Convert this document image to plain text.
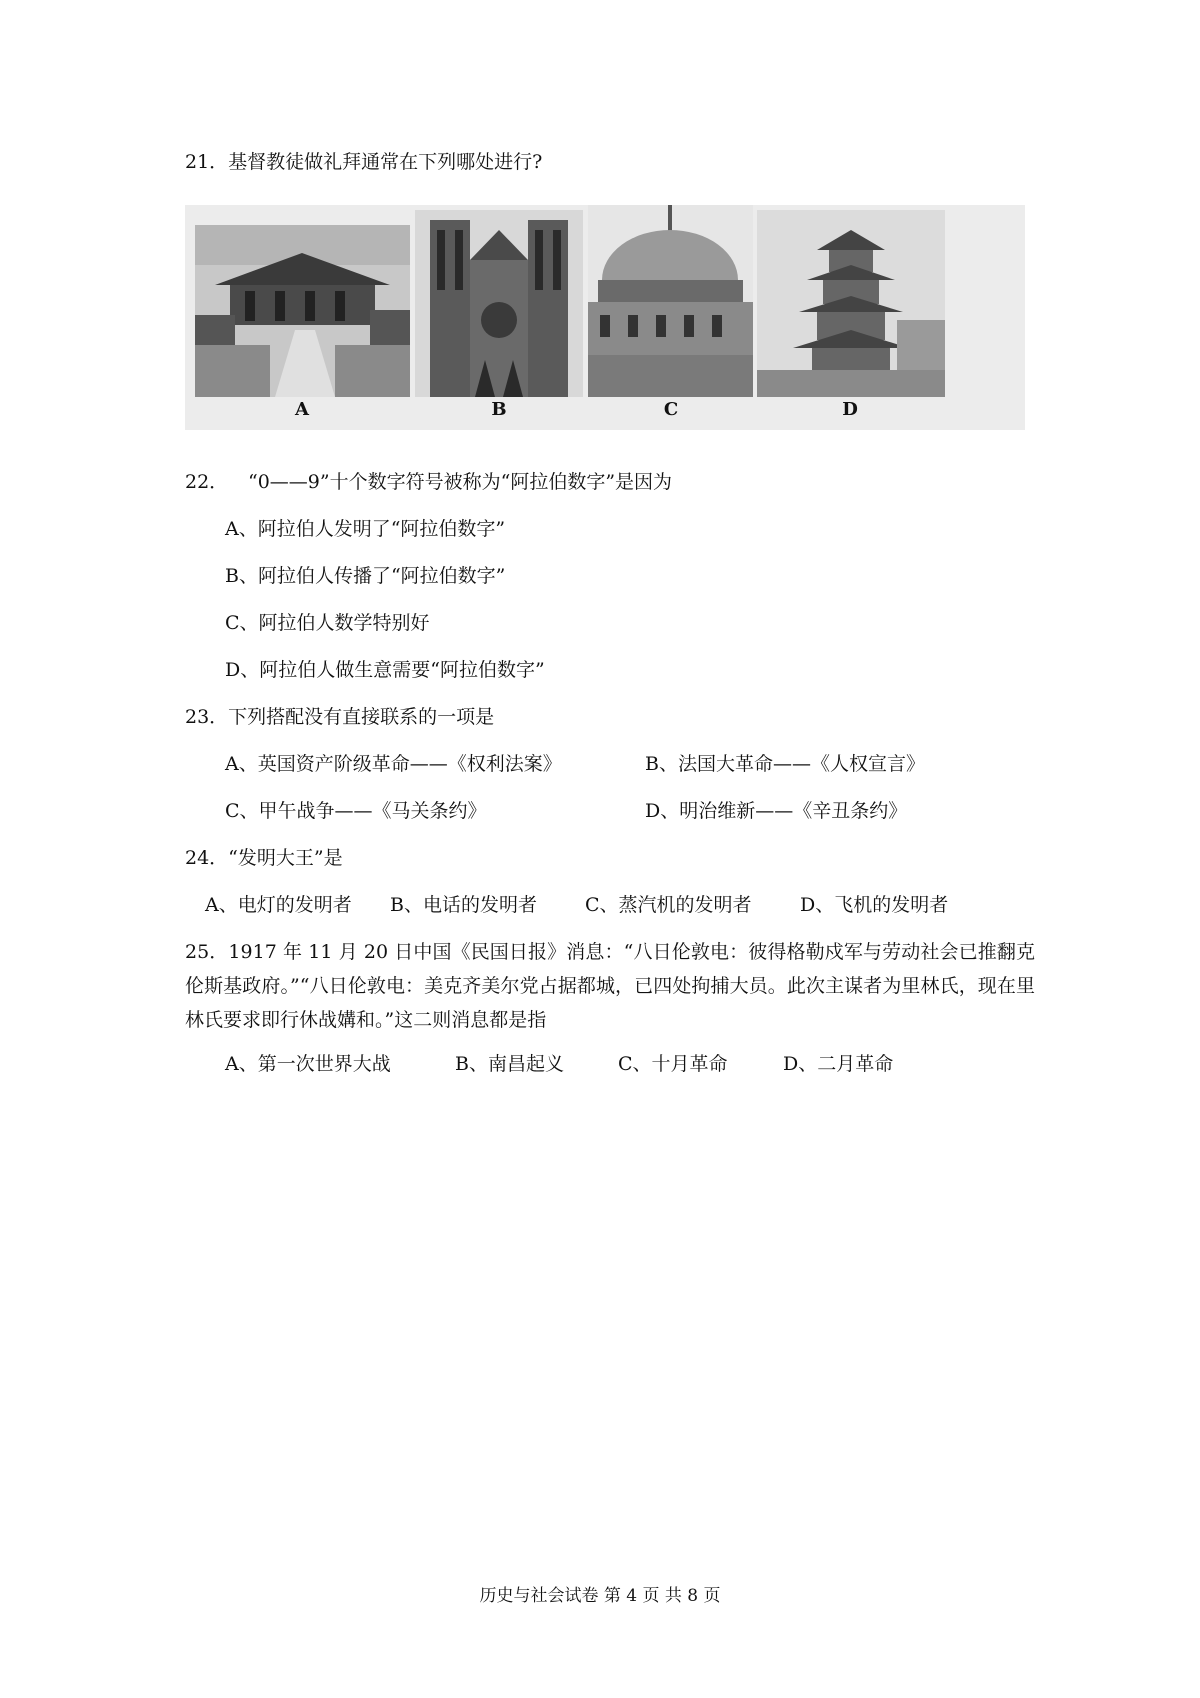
21．基督教徒做礼拜通常在下列哪处进行?
A	B	C	D
22． “0——9”十个数字符号被称为“阿拉伯数字”是因为
A、阿拉伯人发明了“阿拉伯数字”
B、阿拉伯人传播了“阿拉伯数字”
C、阿拉伯人数学特别好
D、阿拉伯人做生意需要“阿拉伯数字”
23．下列搭配没有直接联系的一项是
A、英国资产阶级革命——《权利法案》	B、法国大革命——《人权宣言》
C、甲午战争——《马关条约》	D、明治维新——《辛丑条约》
24．“发明大王”是
A、电灯的发明者 B、电话的发明者	C、蒸汽机的发明者	D、飞机的发明者
25．1917 年 11 月 20 日中国《民国日报》消息：“八日伦敦电：彼得格勒戍军与劳动社会已推翻克伦斯基政府。”“八日伦敦电：美克齐美尔党占据都城，已四处拘捕大员。此次主谋者为里林氏，现在里林氏要求即行休战媾和。”这二则消息都是指
A、第一次世界大战	B、南昌起义	C、十月革命	D、二月革命
历史与社会试卷 第 4 页 共 8 页
